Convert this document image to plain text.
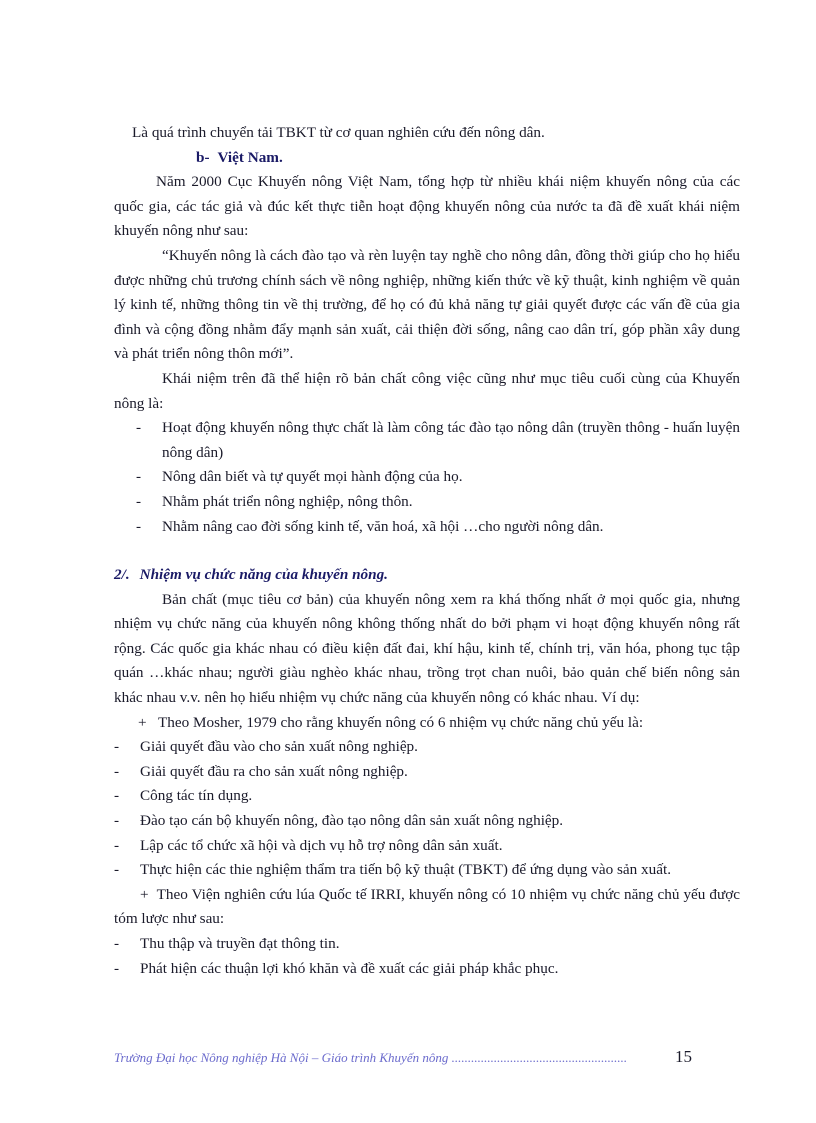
Là quá trình chuyển tải TBKT từ cơ quan nghiên cứu đến nông dân.

b- Việt Nam.

Năm 2000 Cục Khuyến nông Việt Nam, tổng hợp từ nhiều khái niệm khuyến nông của các quốc gia, các tác giả và đúc kết thực tiễn hoạt động khuyến nông của nước ta đã đề xuất khái niệm khuyến nông như sau:

“Khuyến nông là cách đào tạo và rèn luyện tay nghề cho nông dân, đồng thời giúp cho họ hiểu được những chủ trương chính sách về nông nghiệp, những kiến thức về kỹ thuật, kinh nghiệm về quản lý kinh tế, những thông tin về thị trường, để họ có đủ khả năng tự giải quyết được các vấn đề của gia đình và cộng đồng nhằm đẩy mạnh sản xuất, cải thiện đời sống, nâng cao dân trí, góp phần xây dung và phát triển nông thôn mới”.

Khái niệm trên đã thể hiện rõ bản chất công việc cũng như mục tiêu cuối cùng của Khuyến nông là:

- Hoạt động khuyến nông thực chất là làm công tác đào tạo nông dân (truyền thông - huấn luyện nông dân)
- Nông dân biết và tự quyết mọi hành động của họ.
- Nhằm phát triển nông nghiệp, nông thôn.
- Nhằm nâng cao đời sống kinh tế, văn hoá, xã hội …cho người nông dân.

2/. Nhiệm vụ chức năng của khuyến nông.

Bản chất (mục tiêu cơ bản) của khuyến nông xem ra khá thống nhất ở mọi quốc gia, nhưng nhiệm vụ chức năng của khuyến nông không thống nhất do bởi phạm vi hoạt động khuyến nông rất rộng. Các quốc gia khác nhau có điều kiện đất đai, khí hậu, kinh tế, chính trị, văn hóa, phong tục tập quán …khác nhau; người giàu nghèo khác nhau, trồng trọt chan nuôi, bảo quản chế biến nông sản khác nhau v.v. nên họ hiểu nhiệm vụ chức năng của khuyến nông có khác nhau. Ví dụ:

+ Theo Mosher, 1979 cho rằng khuyến nông có 6 nhiệm vụ chức năng chủ yếu là:

- Giải quyết đầu vào cho sản xuất nông nghiệp.
- Giải quyết đầu ra cho sản xuất nông nghiệp.
- Công tác tín dụng.
- Đào tạo cán bộ khuyến nông, đào tạo nông dân sản xuất nông nghiệp.
- Lập các tổ chức xã hội và dịch vụ hỗ trợ nông dân sản xuất.
- Thực hiện các thie nghiệm thẩm tra tiến bộ kỹ thuật (TBKT) để ứng dụng vào sản xuất.

+ Theo Viện nghiên cứu lúa Quốc tế IRRI, khuyến nông có 10 nhiệm vụ chức năng chủ yếu được tóm lược như sau:

- Thu thập và truyền đạt thông tin.
- Phát hiện các thuận lợi khó khăn và đề xuất các giải pháp khắc phục.
Trường Đại học Nông nghiệp Hà Nội – Giáo trình Khuyến nông ......................................................	15
